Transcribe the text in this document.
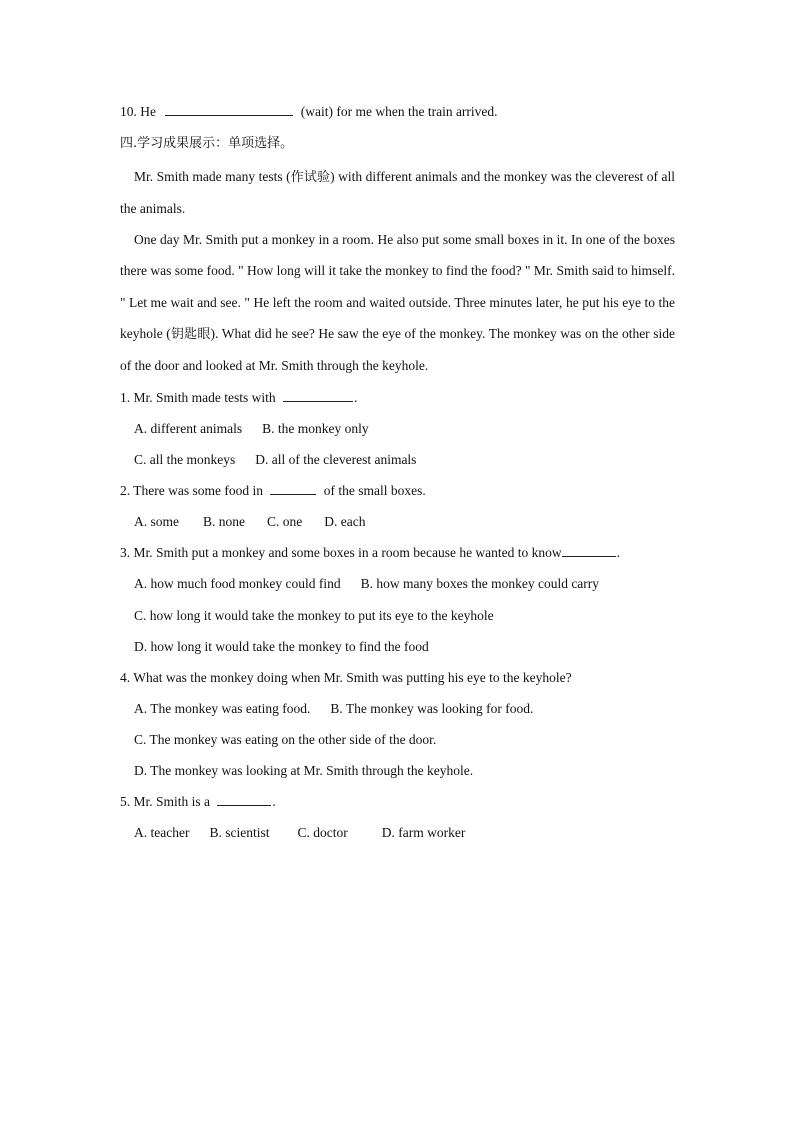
10. He	(wait) for me when the train arrived.
四.学习成果展示：单项选择。

Mr. Smith made many tests (作试验) with different animals and the monkey was the cleverest of all the animals.

One day Mr. Smith put a monkey in a room. He also put some small boxes in it. In one of the boxes there was some food. " How long will it take the monkey to find the food? " Mr. Smith said to himself. " Let me wait and see. " He left the room and waited outside. Three minutes later, he put his eye to the keyhole (钥匙眼). What did he see? He saw the eye of the monkey. The monkey was on the other side of the door and looked at Mr. Smith through the keyhole.

1. Mr. Smith made tests with	.
A. different animals B. the monkey only
C. all the monkeys D. all of the cleverest animals
2. There was some food in	of the small boxes.
A. some B. none C. one D. each
3. Mr. Smith put a monkey and some boxes in a room because he wanted to know	.
A. how much food monkey could find B. how many boxes the monkey could carry
C. how long it would take the monkey to put its eye to the keyhole
D. how long it would take the monkey to find the food
4. What was the monkey doing when Mr. Smith was putting his eye to the keyhole?
A. The monkey was eating food. B. The monkey was looking for food.
C. The monkey was eating on the other side of the door.
D. The monkey was looking at Mr. Smith through the keyhole.
5. Mr. Smith is a	.
A. teacher B. scientist C. doctor	D. farm worker
